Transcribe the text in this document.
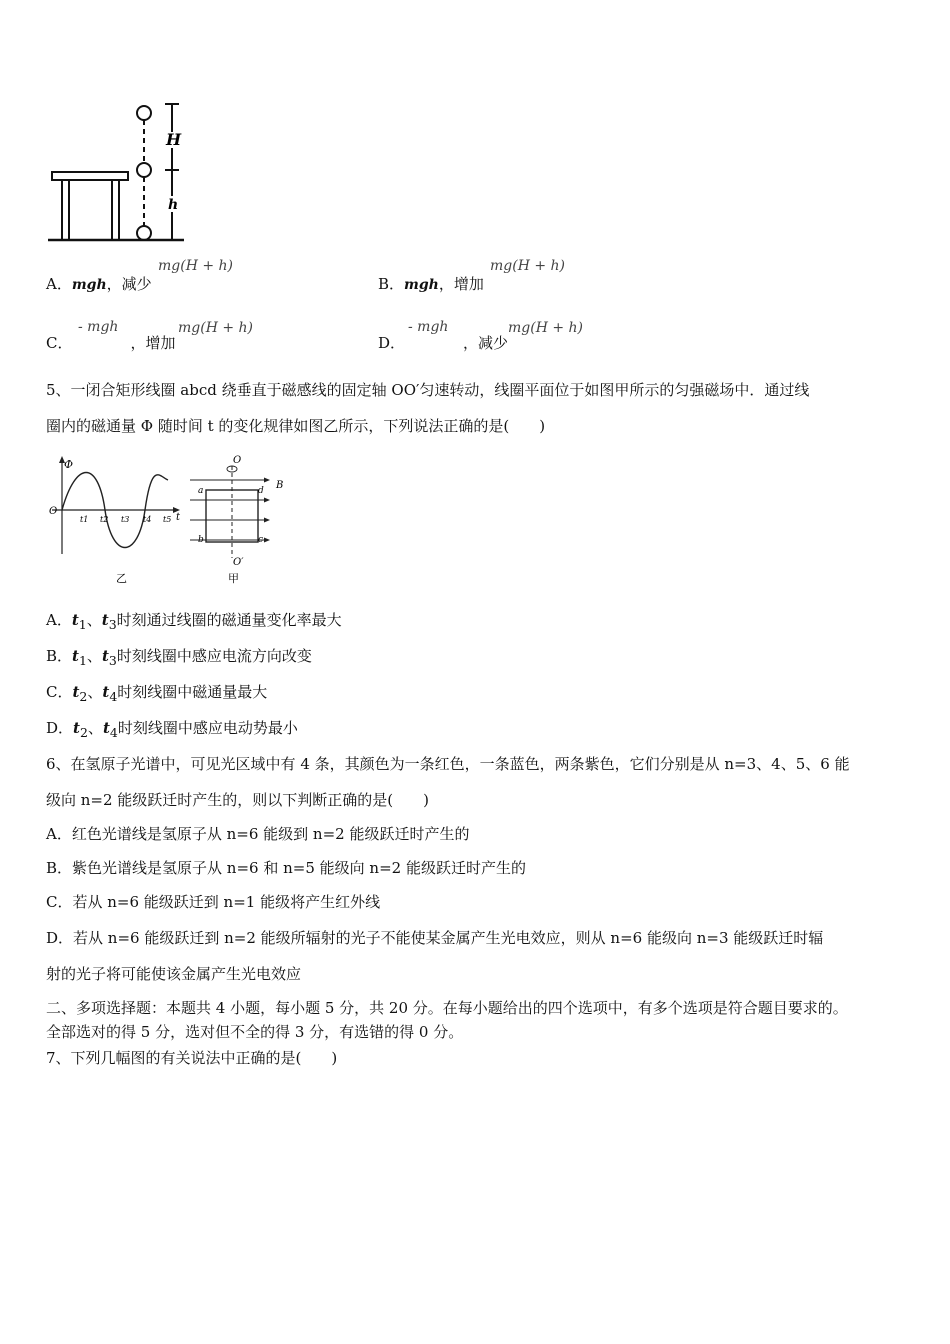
H
h
A．mgh，减少
mg(H + h)
B．mgh，增加
mg(H + h)
C．	，增加
- mgh	mg(H + h)
D．	，减少
- mgh	mg(H + h)
5、一闭合矩形线圈 abcd 绕垂直于磁感线的固定轴 OO′匀速转动，线圈平面位于如图甲所示的匀强磁场中．通过线
圈内的磁通量 Φ 随时间 t 的变化规律如图乙所示，下列说法正确的是(　　)
Φ
O
t
t1 t2 t3 t4 t5
乙
O
O′
a
b	c
d B
甲
A．$t_1$、$t_3$时刻通过线圈的磁通量变化率最大
B．$t_1$、$t_3$时刻线圈中感应电流方向改变
C．$t_2$、$t_4$时刻线圈中磁通量最大
D．$t_2$、$t_4$时刻线圈中感应电动势最小
6、在氢原子光谱中，可见光区域中有 4 条，其颜色为一条红色，一条蓝色，两条紫色，它们分别是从 n=3、4、5、6 能
级向 n=2 能级跃迁时产生的，则以下判断正确的是(　　)
A．红色光谱线是氢原子从 n=6 能级到 n=2 能级跃迁时产生的
B．紫色光谱线是氢原子从 n=6 和 n=5 能级向 n=2 能级跃迁时产生的
C．若从 n=6 能级跃迁到 n=1 能级将产生红外线
D．若从 n=6 能级跃迁到 n=2 能级所辐射的光子不能使某金属产生光电效应，则从 n=6 能级向 n=3 能级跃迁时辐
射的光子将可能使该金属产生光电效应
二、多项选择题：本题共 4 小题，每小题 5 分，共 20 分。在每小题给出的四个选项中，有多个选项是符合题目要求的。
全部选对的得 5 分，选对但不全的得 3 分，有选错的得 0 分。
7、下列几幅图的有关说法中正确的是(　　)
